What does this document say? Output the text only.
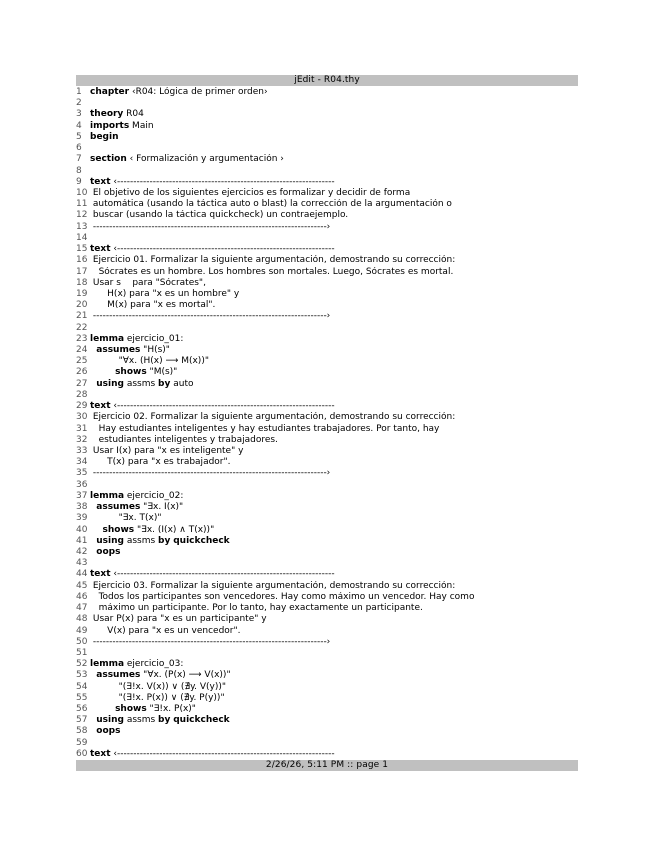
jEdit - R04.thy
1 chapter ‹R04: Lógica de primer orden›
2
3 theory R04
4 imports Main
5 begin
6
7 section ‹ Formalización y argumentación ›
8
9 text ‹-------------------------------------------------------------------
10 El objetivo de los siguientes ejercicios es formalizar y decidir de forma
11 automática (usando la táctica auto o blast) la corrección de la argumentación o
12 buscar (usando la táctica quickcheck) un contraejemplo.
13 ------------------------------------------------------------------------›
14
15 text ‹-------------------------------------------------------------------
16 Ejercicio 01. Formalizar la siguiente argumentación, demostrando su corrección:
17   Sócrates es un hombre. Los hombres son mortales. Luego, Sócrates es mortal.
18 Usar s    para "Sócrates",
19      H(x) para "x es un hombre" y
20      M(x) para "x es mortal".
21 ------------------------------------------------------------------------›
22
23 lemma ejercicio_01:
24  assumes "H(s)"
25          "∀x. (H(x) ⟶ M(x))"
26        shows "M(s)"
27  using assms by auto
28
29 text ‹-------------------------------------------------------------------
30 Ejercicio 02. Formalizar la siguiente argumentación, demostrando su corrección:
31   Hay estudiantes inteligentes y hay estudiantes trabajadores. Por tanto, hay
32   estudiantes inteligentes y trabajadores.
33 Usar I(x) para "x es inteligente" y
34      T(x) para "x es trabajador".
35 ------------------------------------------------------------------------›
36
37 lemma ejercicio_02:
38  assumes "∃x. I(x)"
39          "∃x. T(x)"
40    shows "∃x. (I(x) ∧ T(x))"
41  using assms by quickcheck
42  oops
43
44 text ‹-------------------------------------------------------------------
45 Ejercicio 03. Formalizar la siguiente argumentación, demostrando su corrección:
46   Todos los participantes son vencedores. Hay como máximo un vencedor. Hay como
47   máximo un participante. Por lo tanto, hay exactamente un participante.
48 Usar P(x) para "x es un participante" y
49      V(x) para "x es un vencedor".
50 ------------------------------------------------------------------------›
51
52 lemma ejercicio_03:
53  assumes "∀x. (P(x) ⟶ V(x))"
54          "(∃!x. V(x)) ∨ (∄y. V(y))"
55          "(∃!x. P(x)) ∨ (∄y. P(y))"
56        shows "∃!x. P(x)"
57  using assms by quickcheck
58  oops
59
60 text ‹-------------------------------------------------------------------
2/26/26, 5:11 PM :: page 1
